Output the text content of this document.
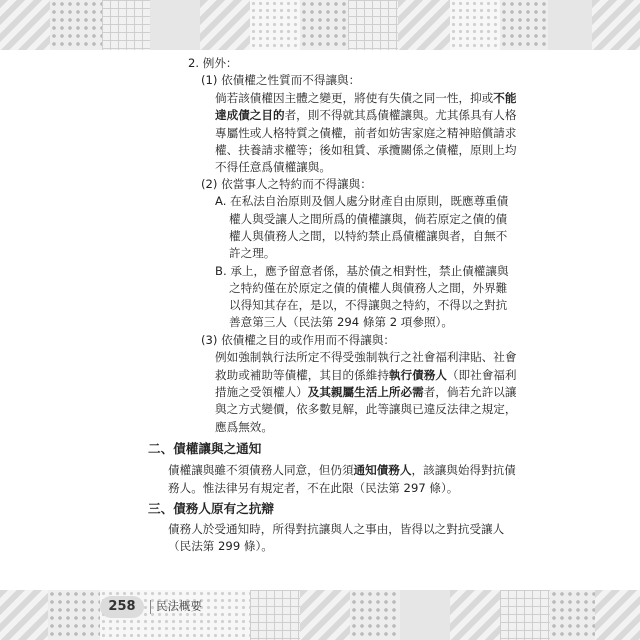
2. 例外：
(1) 依債權之性質而不得讓與：
倘若該債權因主體之變更，將使有失債之同一性，抑或不能
達成債之目的者，則不得就其爲債權讓與。尤其係具有人格
專屬性或人格特質之債權，前者如妨害家庭之精神賠償請求
權、扶養請求權等；後如租賃、承攬關係之債權，原則上均
不得任意爲債權讓與。
(2) 依當事人之特約而不得讓與：
A. 在私法自治原則及個人處分財產自由原則，既應尊重債
權人與受讓人之間所爲的債權讓與，倘若原定之債的債
權人與債務人之間，以特約禁止爲債權讓與者，自無不
許之理。
B. 承上，應予留意者係，基於債之相對性，禁止債權讓與
之特約僅在於原定之債的債權人與債務人之間，外界難
以得知其存在，是以，不得讓與之特約，不得以之對抗
善意第三人（民法第 294 條第 2 項參照）。
(3) 依債權之目的或作用而不得讓與：
例如強制執行法所定不得受強制執行之社會福利津貼、社會
救助或補助等債權，其目的係維持執行債務人（即社會福利
措施之受領權人）及其親屬生活上所必需者，倘若允許以讓
與之方式變價，依多數見解，此等讓與已違反法律之規定，
應爲無效。
二、債權讓與之通知
債權讓與雖不須債務人同意，但仍須通知債務人，該讓與始得對抗債
務人。惟法律另有規定者，不在此限（民法第 297 條）。
三、債務人原有之抗辯
債務人於受通知時，所得對抗讓與人之事由，皆得以之對抗受讓人
（民法第 299 條）。
258	民法概要
